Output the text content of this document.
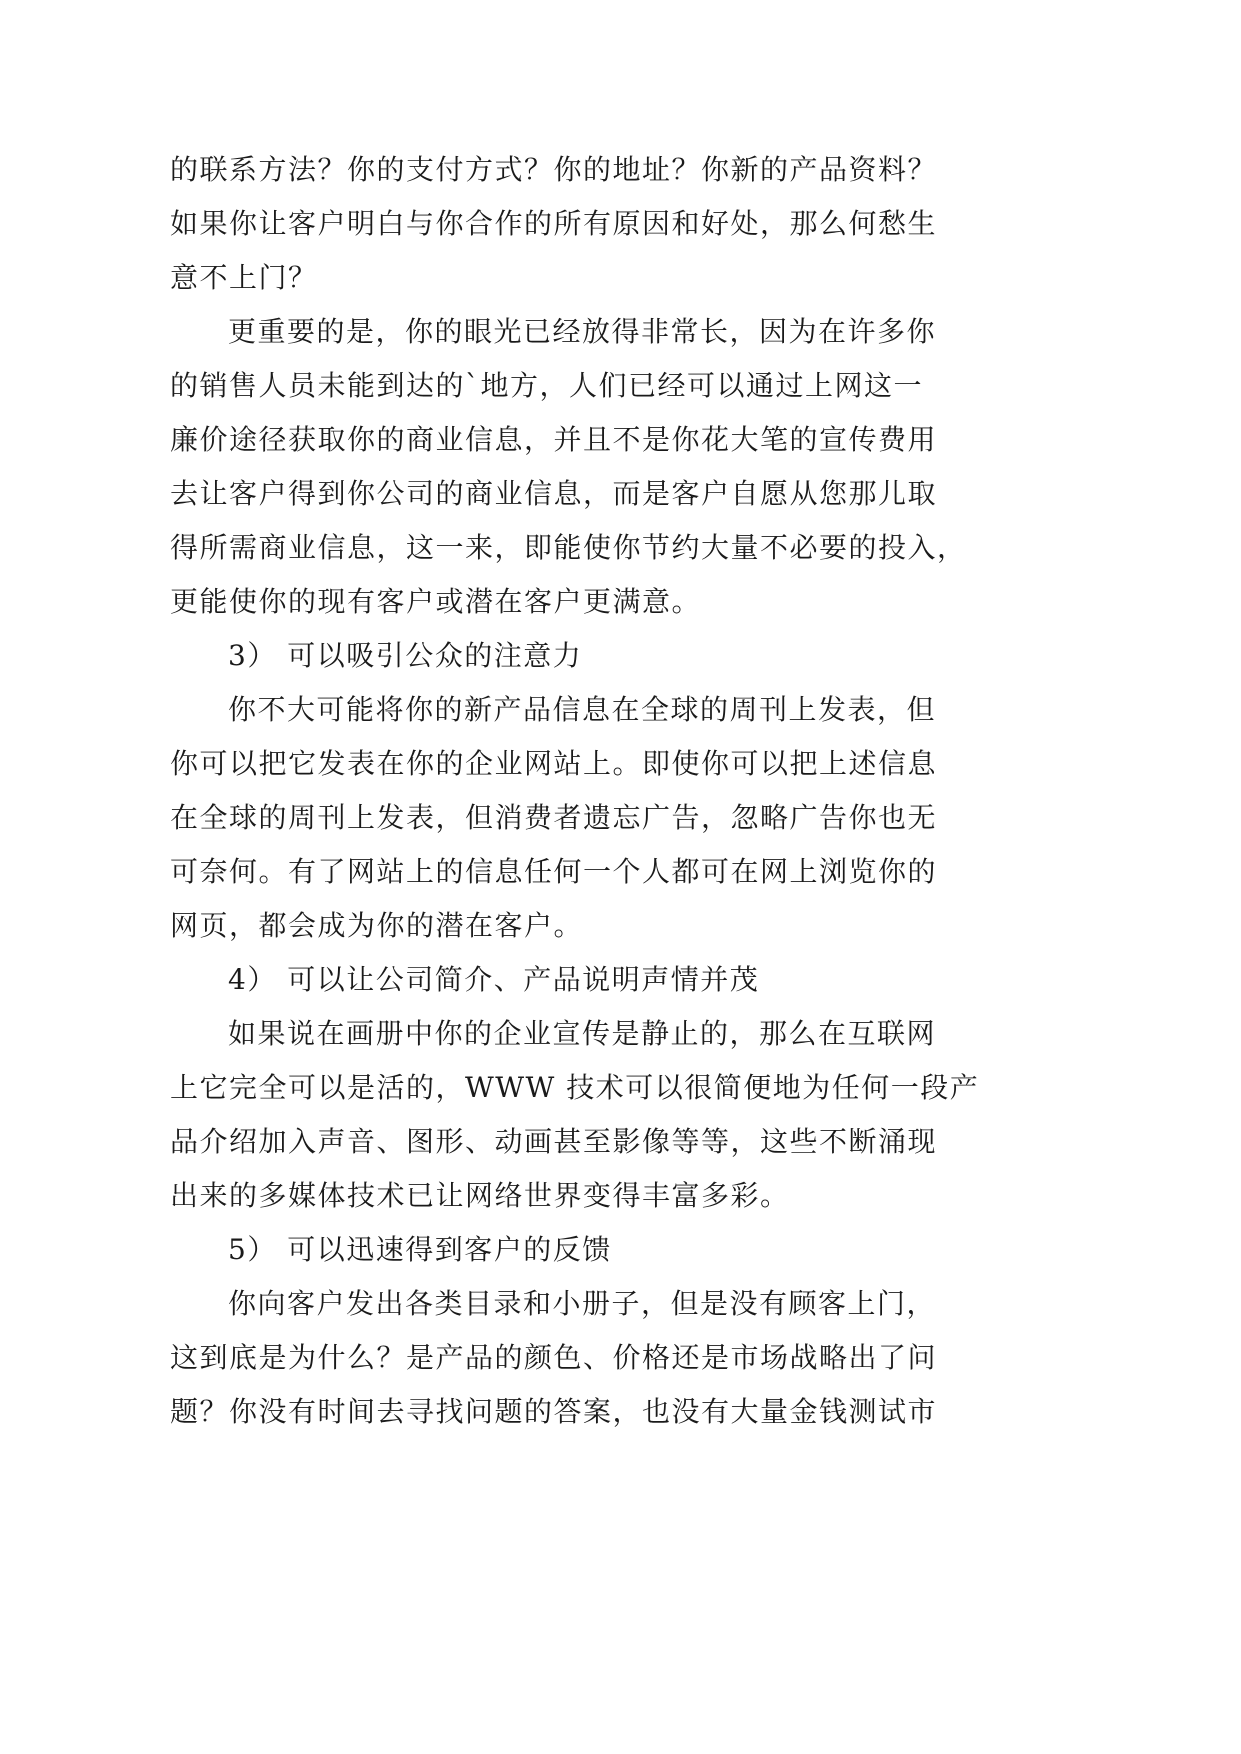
的联系方法？你的支付方式？你的地址？你新的产品资料？
如果你让客户明白与你合作的所有原因和好处，那么何愁生
意不上门？
更重要的是，你的眼光已经放得非常长，因为在许多你
的销售人员未能到达的`地方，人们已经可以通过上网这一
廉价途径获取你的商业信息，并且不是你花大笔的宣传费用
去让客户得到你公司的商业信息，而是客户自愿从您那儿取
得所需商业信息，这一来，即能使你节约大量不必要的投入，
更能使你的现有客户或潜在客户更满意。
3） 可以吸引公众的注意力
你不大可能将你的新产品信息在全球的周刊上发表，但
你可以把它发表在你的企业网站上。即使你可以把上述信息
在全球的周刊上发表，但消费者遗忘广告，忽略广告你也无
可奈何。有了网站上的信息任何一个人都可在网上浏览你的
网页，都会成为你的潜在客户。
4） 可以让公司简介、产品说明声情并茂
如果说在画册中你的企业宣传是静止的，那么在互联网
上它完全可以是活的，WWW 技术可以很简便地为任何一段产
品介绍加入声音、图形、动画甚至影像等等，这些不断涌现
出来的多媒体技术已让网络世界变得丰富多彩。
5） 可以迅速得到客户的反馈
你向客户发出各类目录和小册子，但是没有顾客上门，
这到底是为什么？是产品的颜色、价格还是市场战略出了问
题？你没有时间去寻找问题的答案，也没有大量金钱测试市
